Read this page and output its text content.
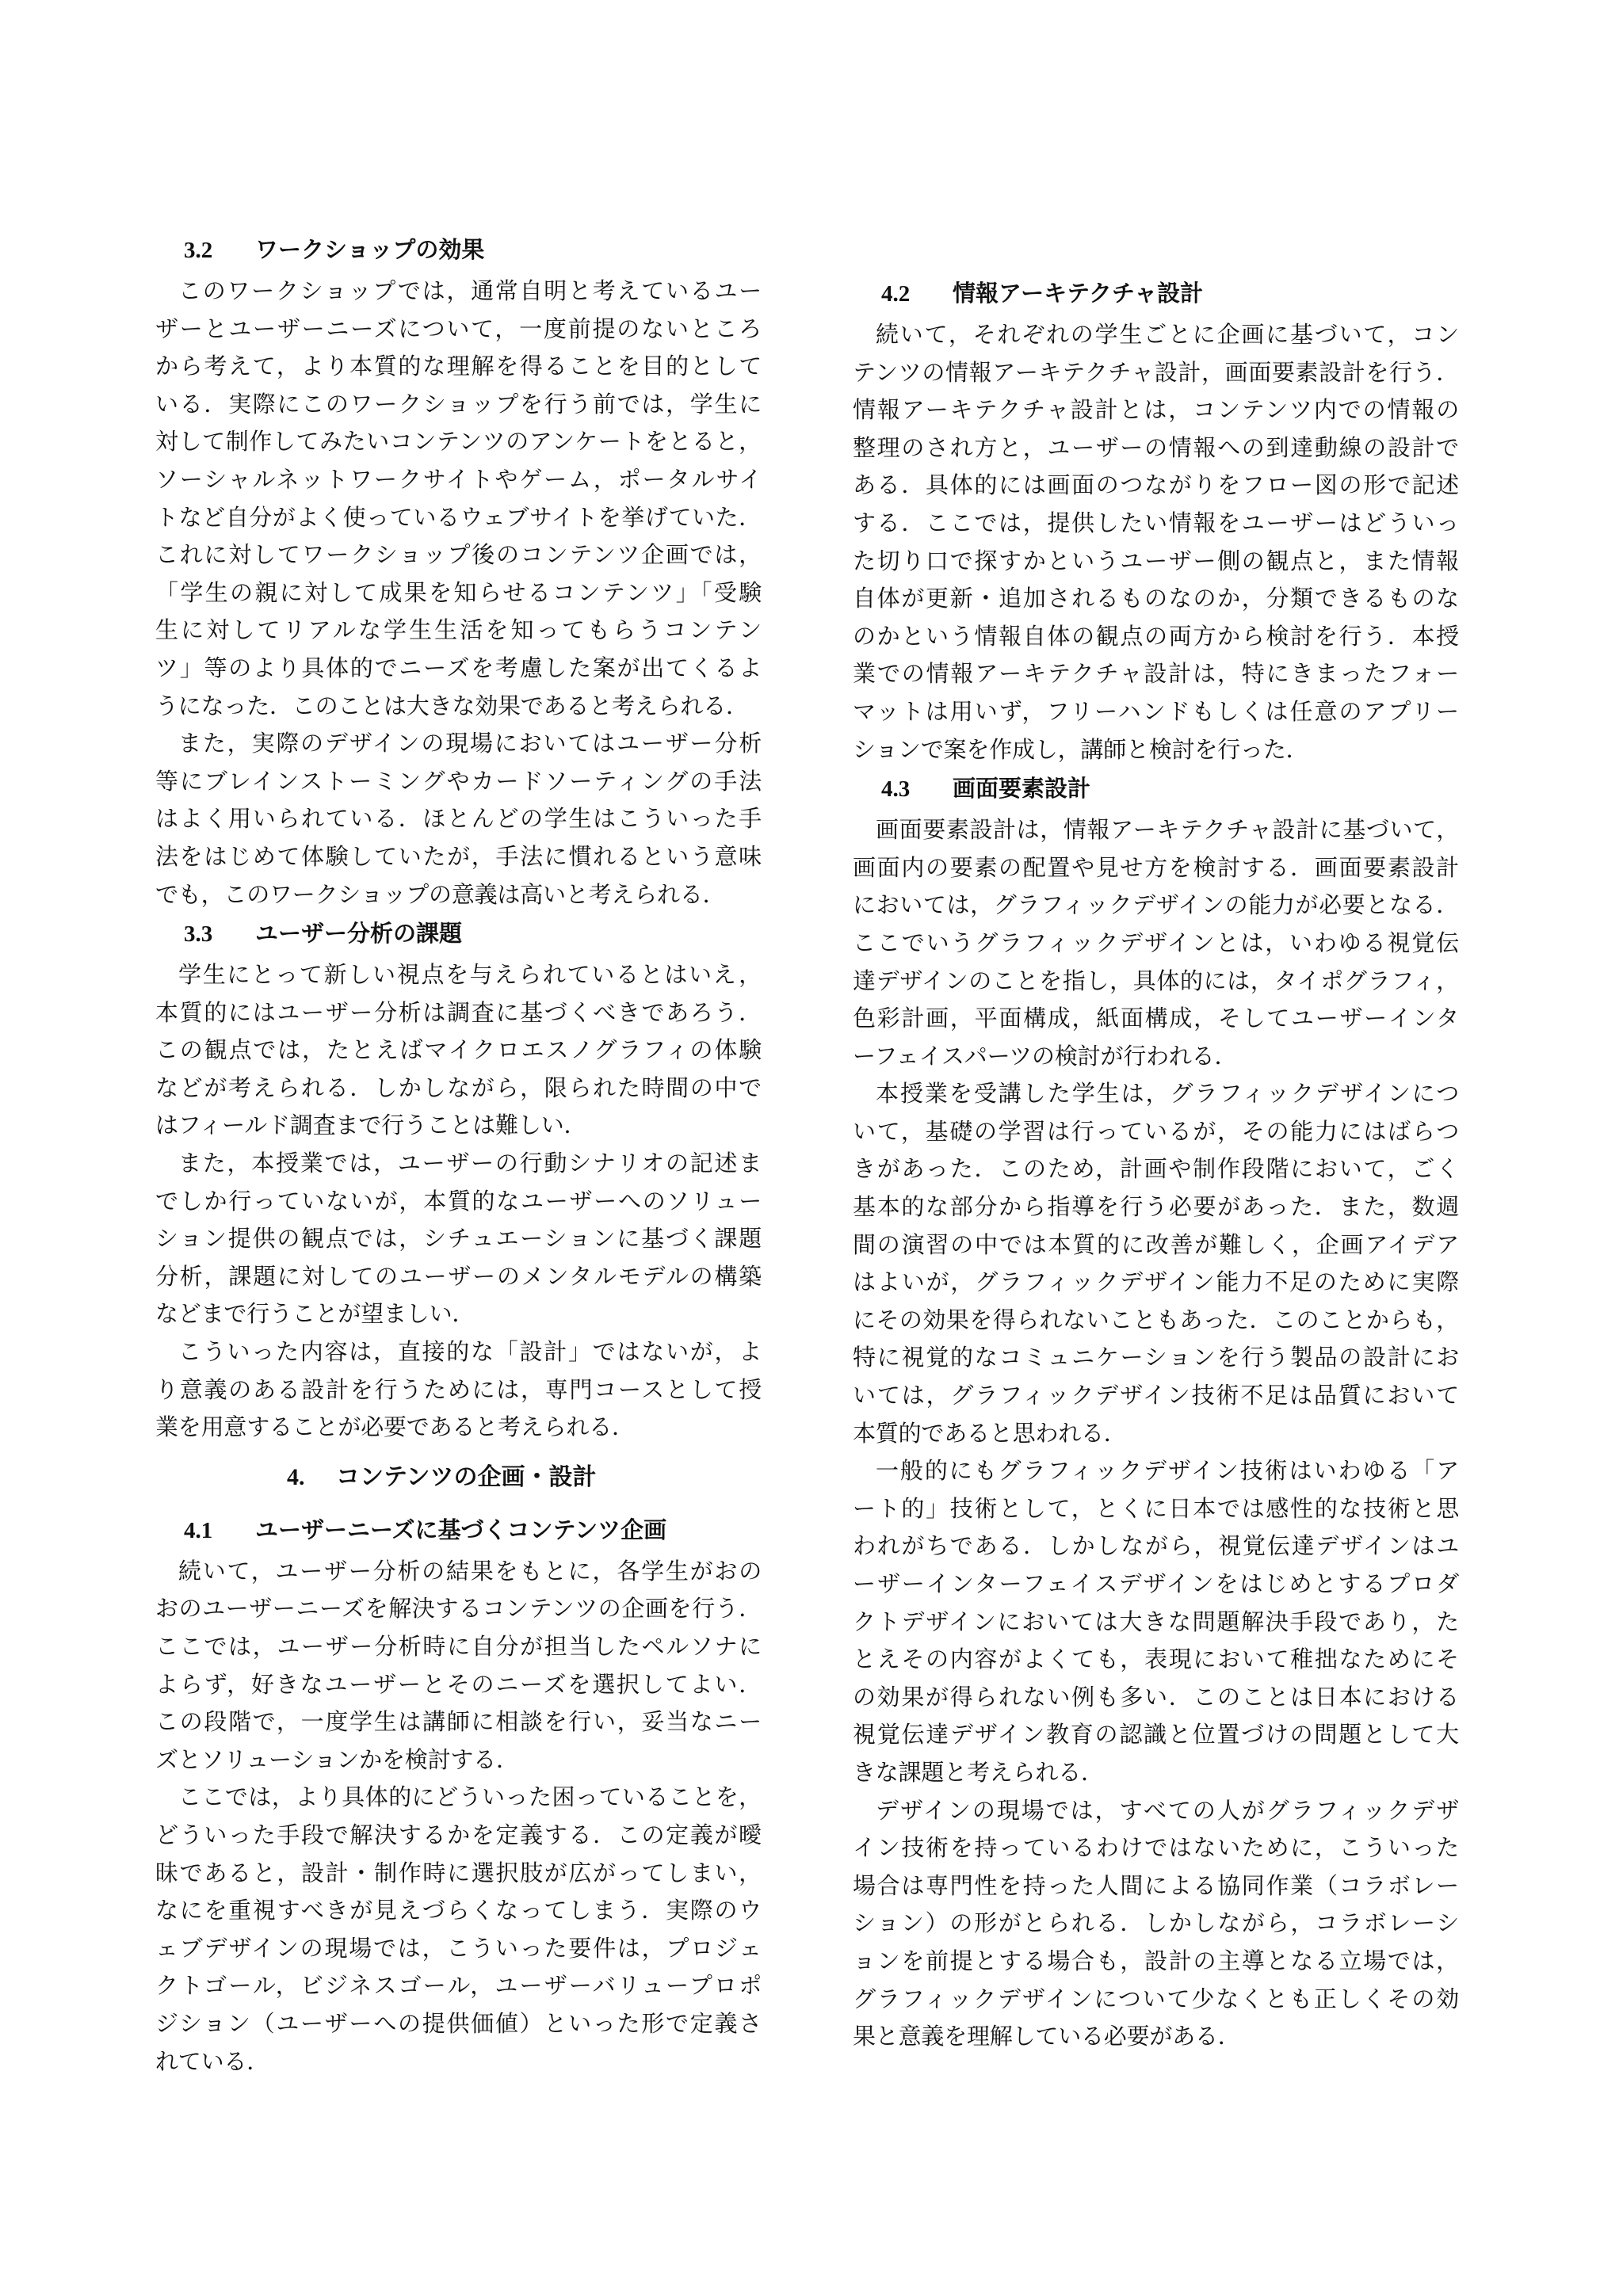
3.2 ワークショップの効果
このワークショップでは，通常自明と考えているユー
ザーとユーザーニーズについて，一度前提のないところ
から考えて，より本質的な理解を得ることを目的として
いる．実際にこのワークショップを行う前では，学生に
対して制作してみたいコンテンツのアンケートをとると，
ソーシャルネットワークサイトやゲーム，ポータルサイ
トなど自分がよく使っているウェブサイトを挙げていた．
これに対してワークショップ後のコンテンツ企画では，
「学生の親に対して成果を知らせるコンテンツ」「受験
生に対してリアルな学生生活を知ってもらうコンテン
ツ」等のより具体的でニーズを考慮した案が出てくるよ
うになった．このことは大きな効果であると考えられる．
また，実際のデザインの現場においてはユーザー分析
等にブレインストーミングやカードソーティングの手法
はよく用いられている．ほとんどの学生はこういった手
法をはじめて体験していたが，手法に慣れるという意味
でも，このワークショップの意義は高いと考えられる．
3.3 ユーザー分析の課題
学生にとって新しい視点を与えられているとはいえ，
本質的にはユーザー分析は調査に基づくべきであろう．
この観点では，たとえばマイクロエスノグラフィの体験
などが考えられる．しかしながら，限られた時間の中で
はフィールド調査まで行うことは難しい．
また，本授業では，ユーザーの行動シナリオの記述ま
でしか行っていないが，本質的なユーザーへのソリュー
ション提供の観点では，シチュエーションに基づく課題
分析，課題に対してのユーザーのメンタルモデルの構築
などまで行うことが望ましい．
こういった内容は，直接的な「設計」ではないが，よ
り意義のある設計を行うためには，専門コースとして授
業を用意することが必要であると考えられる．
4. コンテンツの企画・設計
4.1 ユーザーニーズに基づくコンテンツ企画
続いて，ユーザー分析の結果をもとに，各学生がおの
おのユーザーニーズを解決するコンテンツの企画を行う．
ここでは，ユーザー分析時に自分が担当したペルソナに
よらず，好きなユーザーとそのニーズを選択してよい．
この段階で，一度学生は講師に相談を行い，妥当なニー
ズとソリューションかを検討する．
ここでは，より具体的にどういった困っていることを，
どういった手段で解決するかを定義する．この定義が曖
昧であると，設計・制作時に選択肢が広がってしまい，
なにを重視すべきが見えづらくなってしまう．実際のウ
ェブデザインの現場では，こういった要件は，プロジェ
クトゴール，ビジネスゴール，ユーザーバリュープロポ
ジション（ユーザーへの提供価値）といった形で定義さ
れている．
4.2 情報アーキテクチャ設計
続いて，それぞれの学生ごとに企画に基づいて，コン
テンツの情報アーキテクチャ設計，画面要素設計を行う．
情報アーキテクチャ設計とは，コンテンツ内での情報の
整理のされ方と，ユーザーの情報への到達動線の設計で
ある．具体的には画面のつながりをフロー図の形で記述
する．ここでは，提供したい情報をユーザーはどういっ
た切り口で探すかというユーザー側の観点と，また情報
自体が更新・追加されるものなのか，分類できるものな
のかという情報自体の観点の両方から検討を行う．本授
業での情報アーキテクチャ設計は，特にきまったフォー
マットは用いず，フリーハンドもしくは任意のアプリー
ションで案を作成し，講師と検討を行った．
4.3 画面要素設計
画面要素設計は，情報アーキテクチャ設計に基づいて，
画面内の要素の配置や見せ方を検討する．画面要素設計
においては，グラフィックデザインの能力が必要となる．
ここでいうグラフィックデザインとは，いわゆる視覚伝
達デザインのことを指し，具体的には，タイポグラフィ，
色彩計画，平面構成，紙面構成，そしてユーザーインタ
ーフェイスパーツの検討が行われる．
本授業を受講した学生は，グラフィックデザインにつ
いて，基礎の学習は行っているが，その能力にはばらつ
きがあった．このため，計画や制作段階において，ごく
基本的な部分から指導を行う必要があった．また，数週
間の演習の中では本質的に改善が難しく，企画アイデア
はよいが，グラフィックデザイン能力不足のために実際
にその効果を得られないこともあった．このことからも，
特に視覚的なコミュニケーションを行う製品の設計にお
いては，グラフィックデザイン技術不足は品質において
本質的であると思われる．
一般的にもグラフィックデザイン技術はいわゆる「ア
ート的」技術として，とくに日本では感性的な技術と思
われがちである．しかしながら，視覚伝達デザインはユ
ーザーインターフェイスデザインをはじめとするプロダ
クトデザインにおいては大きな問題解決手段であり，た
とえその内容がよくても，表現において稚拙なためにそ
の効果が得られない例も多い．このことは日本における
視覚伝達デザイン教育の認識と位置づけの問題として大
きな課題と考えられる．
デザインの現場では，すべての人がグラフィックデザ
イン技術を持っているわけではないために，こういった
場合は専門性を持った人間による協同作業（コラボレー
ション）の形がとられる．しかしながら，コラボレーシ
ョンを前提とする場合も，設計の主導となる立場では，
グラフィックデザインについて少なくとも正しくその効
果と意義を理解している必要がある．
